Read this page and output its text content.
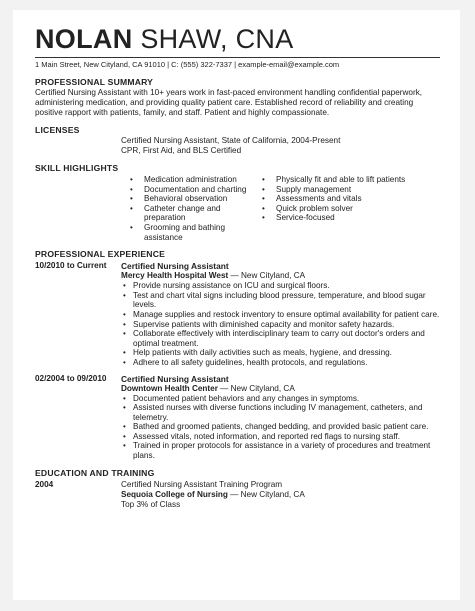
NOLAN SHAW, CNA
1 Main Street, New Cityland, CA 91010 | C: (555) 322-7337 | example-email@example.com
PROFESSIONAL SUMMARY
Certified Nursing Assistant with 10+ years work in fast-paced environment handling confidential paperwork, administering medication, and providing quality patient care. Established record of reliability and creating positive rapport with patients, family, and staff. Patient and highly compassionate.
LICENSES
Certified Nursing Assistant, State of California, 2004-Present
CPR, First Aid, and BLS Certified
SKILL HIGHLIGHTS
• Medication administration
• Documentation and charting
• Behavioral observation
• Catheter change and preparation
• Grooming and bathing assistance
• Physically fit and able to lift patients
• Supply management
• Assessments and vitals
• Quick problem solver
• Service-focused
PROFESSIONAL EXPERIENCE
10/2010 to Current	Certified Nursing Assistant
Mercy Health Hospital West — New Cityland, CA
• Provide nursing assistance on ICU and surgical floors.
• Test and chart vital signs including blood pressure, temperature, and blood sugar levels.
• Manage supplies and restock inventory to ensure optimal availability for patient care.
• Supervise patients with diminished capacity and monitor safety hazards.
• Collaborate effectively with interdisciplinary team to carry out doctor's orders and optimal treatment.
• Help patients with daily activities such as meals, hygiene, and dressing.
• Adhere to all safety guidelines, health protocols, and regulations.
02/2004 to 09/2010	Certified Nursing Assistant
Downtown Health Center — New Cityland, CA
• Documented patient behaviors and any changes in symptoms.
• Assisted nurses with diverse functions including IV management, catheters, and telemetry.
• Bathed and groomed patients, changed bedding, and provided basic patient care.
• Assessed vitals, noted information, and reported red flags to nursing staff.
• Trained in proper protocols for assistance in a variety of procedures and treatment plans.
EDUCATION AND TRAINING
2004	Certified Nursing Assistant Training Program
Sequoia College of Nursing — New Cityland, CA
Top 3% of Class
